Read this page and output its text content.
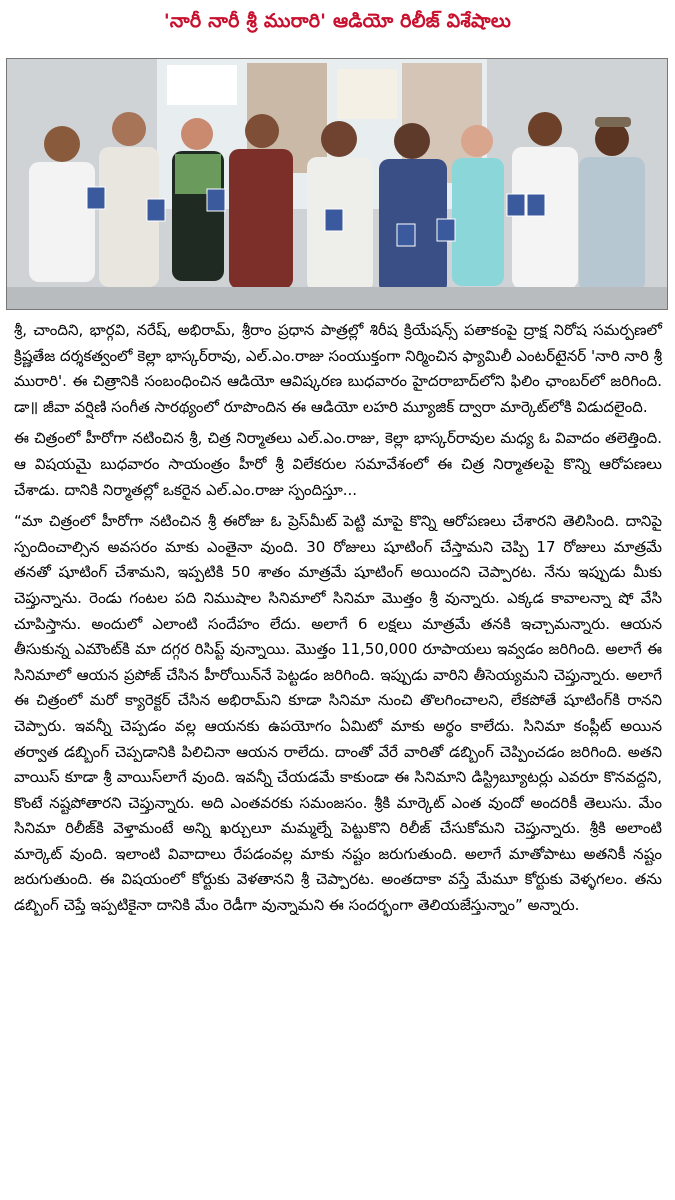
'నారీ నారీ శ్రీ మురారి' ఆడియో రిలీజ్ విశేషాలు

శ్రీ, చాందిని, భార్గవి, నరేష్, అభిరామ్, శ్రీరాం ప్రధాన పాత్రల్లో శిరీష క్రియేషన్స్ పతాకంపై ద్రాక్ష నిరోష సమర్పణలో క్రిష్ణతేజ దర్శకత్వంలో కెల్లా భాస్కర్‌రావు, ఎల్.ఎం.రాజు సంయుక్తంగా నిర్మించిన ఫ్యామిలీ ఎంటర్‌టైనర్ 'నారి నారి శ్రీ మురారి'. ఈ చిత్రానికి సంబంధించిన ఆడియో ఆవిష్కరణ బుధవారం హైదరాబాద్‌లోని ఫిలిం ఛాంబర్‌లో జరిగింది. డా॥ జీవా వర్షిణి సంగీత సారథ్యంలో రూపొందిన ఈ ఆడియో లహరి మ్యూజిక్ ద్వారా మార్కెట్‌లోకి విడుదలైంది.

ఈ చిత్రంలో హీరోగా నటించిన శ్రీ, చిత్ర నిర్మాతలు ఎల్.ఎం.రాజు, కెల్లా భాస్కర్‌రావుల మధ్య ఓ వివాదం తలెత్తింది. ఆ విషయమై బుధవారం సాయంత్రం హీరో శ్రీ విలేకరుల సమావేశంలో ఈ చిత్ర నిర్మాతలపై కొన్ని ఆరోపణలు చేశాడు. దానికి నిర్మాతల్లో ఒకరైన ఎల్.ఎం.రాజు స్పందిస్తూ...

“మా చిత్రంలో హీరోగా నటించిన శ్రీ ఈరోజు ఓ ప్రెస్‌మీట్ పెట్టి మాపై కొన్ని ఆరోపణలు చేశారని తెలిసింది. దానిపై స్పందించాల్సిన అవసరం మాకు ఎంతైనా వుంది. 30 రోజులు షూటింగ్ చేస్తామని చెప్పి 17 రోజులు మాత్రమే తనతో షూటింగ్ చేశామని, ఇప్పటికి 50 శాతం మాత్రమే షూటింగ్ అయిందని చెప్పారట. నేను ఇప్పుడు మీకు చెప్తున్నాను. రెండు గంటల పది నిముషాల సినిమాలో సినిమా మొత్తం శ్రీ వున్నారు. ఎక్కడ కావాలన్నా షో వేసి చూపిస్తాను. అందులో ఎలాంటి సందేహం లేదు. అలాగే 6 లక్షలు మాత్రమే తనకి ఇచ్చామన్నారు. ఆయన తీసుకున్న ఎమౌంట్‌కి మా దగ్గర రిసిప్ట్ వున్నాయి. మొత్తం 11,50,000 రూపాయలు ఇవ్వడం జరిగింది. అలాగే ఈ సినిమాలో ఆయన ప్రపోజ్ చేసిన హీరోయిన్‌నే పెట్టడం జరిగింది. ఇప్పుడు వారిని తీసెయ్యమని చెప్తున్నారు. అలాగే ఈ చిత్రంలో మరో క్యారెక్టర్ చేసిన అభిరామ్‌ని కూడా సినిమా నుంచి తొలగించాలని, లేకపోతే షూటింగ్‌కి రానని చెప్పారు. ఇవన్నీ చెప్పడం వల్ల ఆయనకు ఉపయోగం ఏమిటో మాకు అర్థం కాలేదు. సినిమా కంప్లీట్ అయిన తర్వాత డబ్బింగ్ చెప్పడానికి పిలిచినా ఆయన రాలేదు. దాంతో వేరే వారితో డబ్బింగ్ చెప్పించడం జరిగింది. అతని వాయిస్ కూడా శ్రీ వాయిస్‌లాగే వుంది. ఇవన్నీ చేయడమే కాకుండా ఈ సినిమాని డిస్ట్రిబ్యూటర్లు ఎవరూ కొనవద్దని, కొంటే నష్టపోతారని చెప్తున్నారు. అది ఎంతవరకు సమంజసం. శ్రీకి మార్కెట్ ఎంత వుందో అందరికీ తెలుసు. మేం సినిమా రిలీజ్‌కి వెళ్తామంటే అన్ని ఖర్చులూ మమ్మల్నే పెట్టుకొని రిలీజ్ చేసుకోమని చెప్తున్నారు. శ్రీకి అలాంటి మార్కెట్ వుంది. ఇలాంటి వివాదాలు రేపడంవల్ల మాకు నష్టం జరుగుతుంది. అలాగే మాతోపాటు అతనికీ నష్టం జరుగుతుంది. ఈ విషయంలో కోర్టుకు వెళతానని శ్రీ చెప్పారట. అంతదాకా వస్తే మేమూ కోర్టుకు వెళ్ళగలం. తను డబ్బింగ్ చెప్తే ఇప్పటికైనా దానికి మేం రెడీగా వున్నామని ఈ సందర్భంగా తెలియజేస్తున్నాం” అన్నారు.
